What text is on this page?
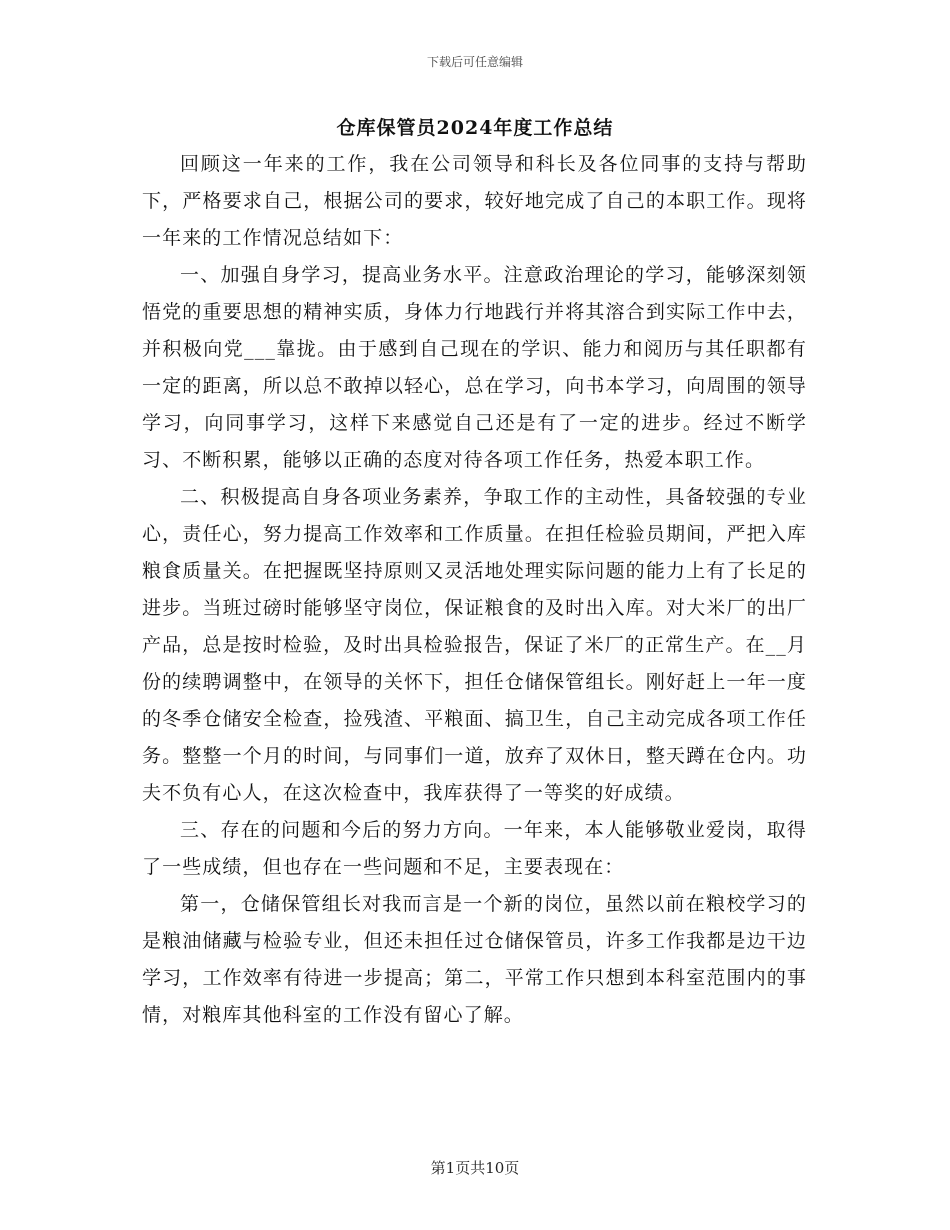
下载后可任意编辑
仓库保管员2024年度工作总结

回顾这一年来的工作，我在公司领导和科长及各位同事的支持与帮助下，严格要求自己，根据公司的要求，较好地完成了自己的本职工作。现将一年来的工作情况总结如下：

一、加强自身学习，提高业务水平。注意政治理论的学习，能够深刻领悟党的重要思想的精神实质，身体力行地践行并将其溶合到实际工作中去，并积极向党___靠拢。由于感到自己现在的学识、能力和阅历与其任职都有一定的距离，所以总不敢掉以轻心，总在学习，向书本学习，向周围的领导学习，向同事学习，这样下来感觉自己还是有了一定的进步。经过不断学习、不断积累，能够以正确的态度对待各项工作任务，热爱本职工作。

二、积极提高自身各项业务素养，争取工作的主动性，具备较强的专业心，责任心，努力提高工作效率和工作质量。在担任检验员期间，严把入库粮食质量关。在把握既坚持原则又灵活地处理实际问题的能力上有了长足的进步。当班过磅时能够坚守岗位，保证粮食的及时出入库。对大米厂的出厂产品，总是按时检验，及时出具检验报告，保证了米厂的正常生产。在__月份的续聘调整中，在领导的关怀下，担任仓储保管组长。刚好赶上一年一度的冬季仓储安全检查，捡残渣、平粮面、搞卫生，自己主动完成各项工作任务。整整一个月的时间，与同事们一道，放弃了双休日，整天蹲在仓内。功夫不负有心人，在这次检查中，我库获得了一等奖的好成绩。

三、存在的问题和今后的努力方向。一年来，本人能够敬业爱岗，取得了一些成绩，但也存在一些问题和不足，主要表现在：

第一，仓储保管组长对我而言是一个新的岗位，虽然以前在粮校学习的是粮油储藏与检验专业，但还未担任过仓储保管员，许多工作我都是边干边学习，工作效率有待进一步提高；第二，平常工作只想到本科室范围内的事情，对粮库其他科室的工作没有留心了解。

第1页共10页
